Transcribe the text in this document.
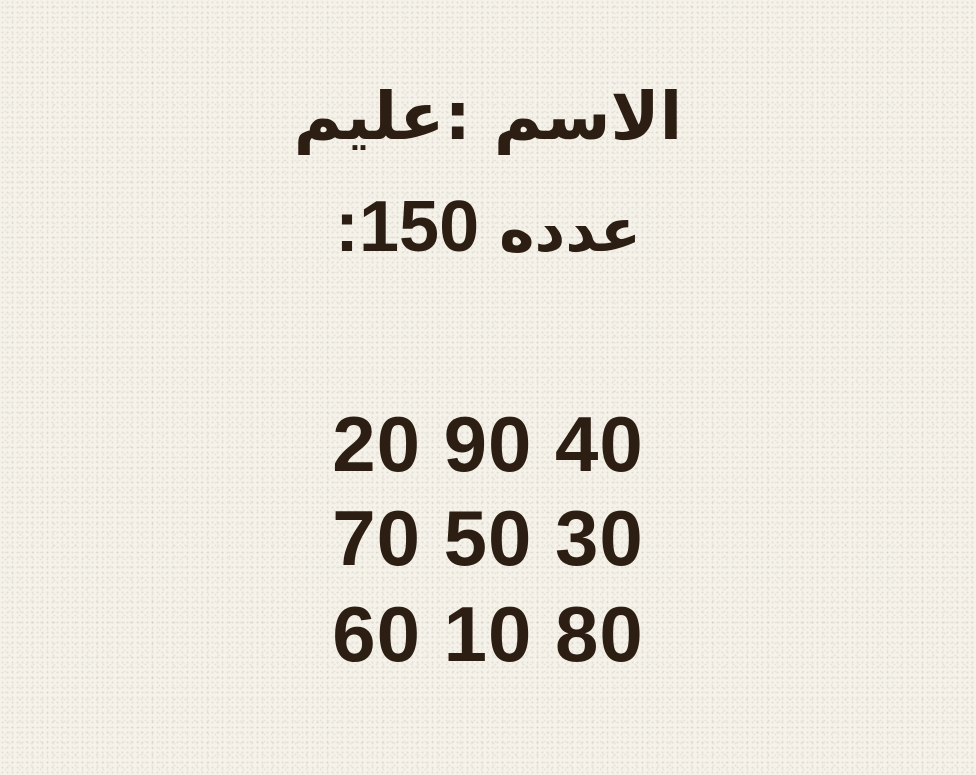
الاسم :عليم
:150 عدده
20 90 40
70 50 30
60 10 80
